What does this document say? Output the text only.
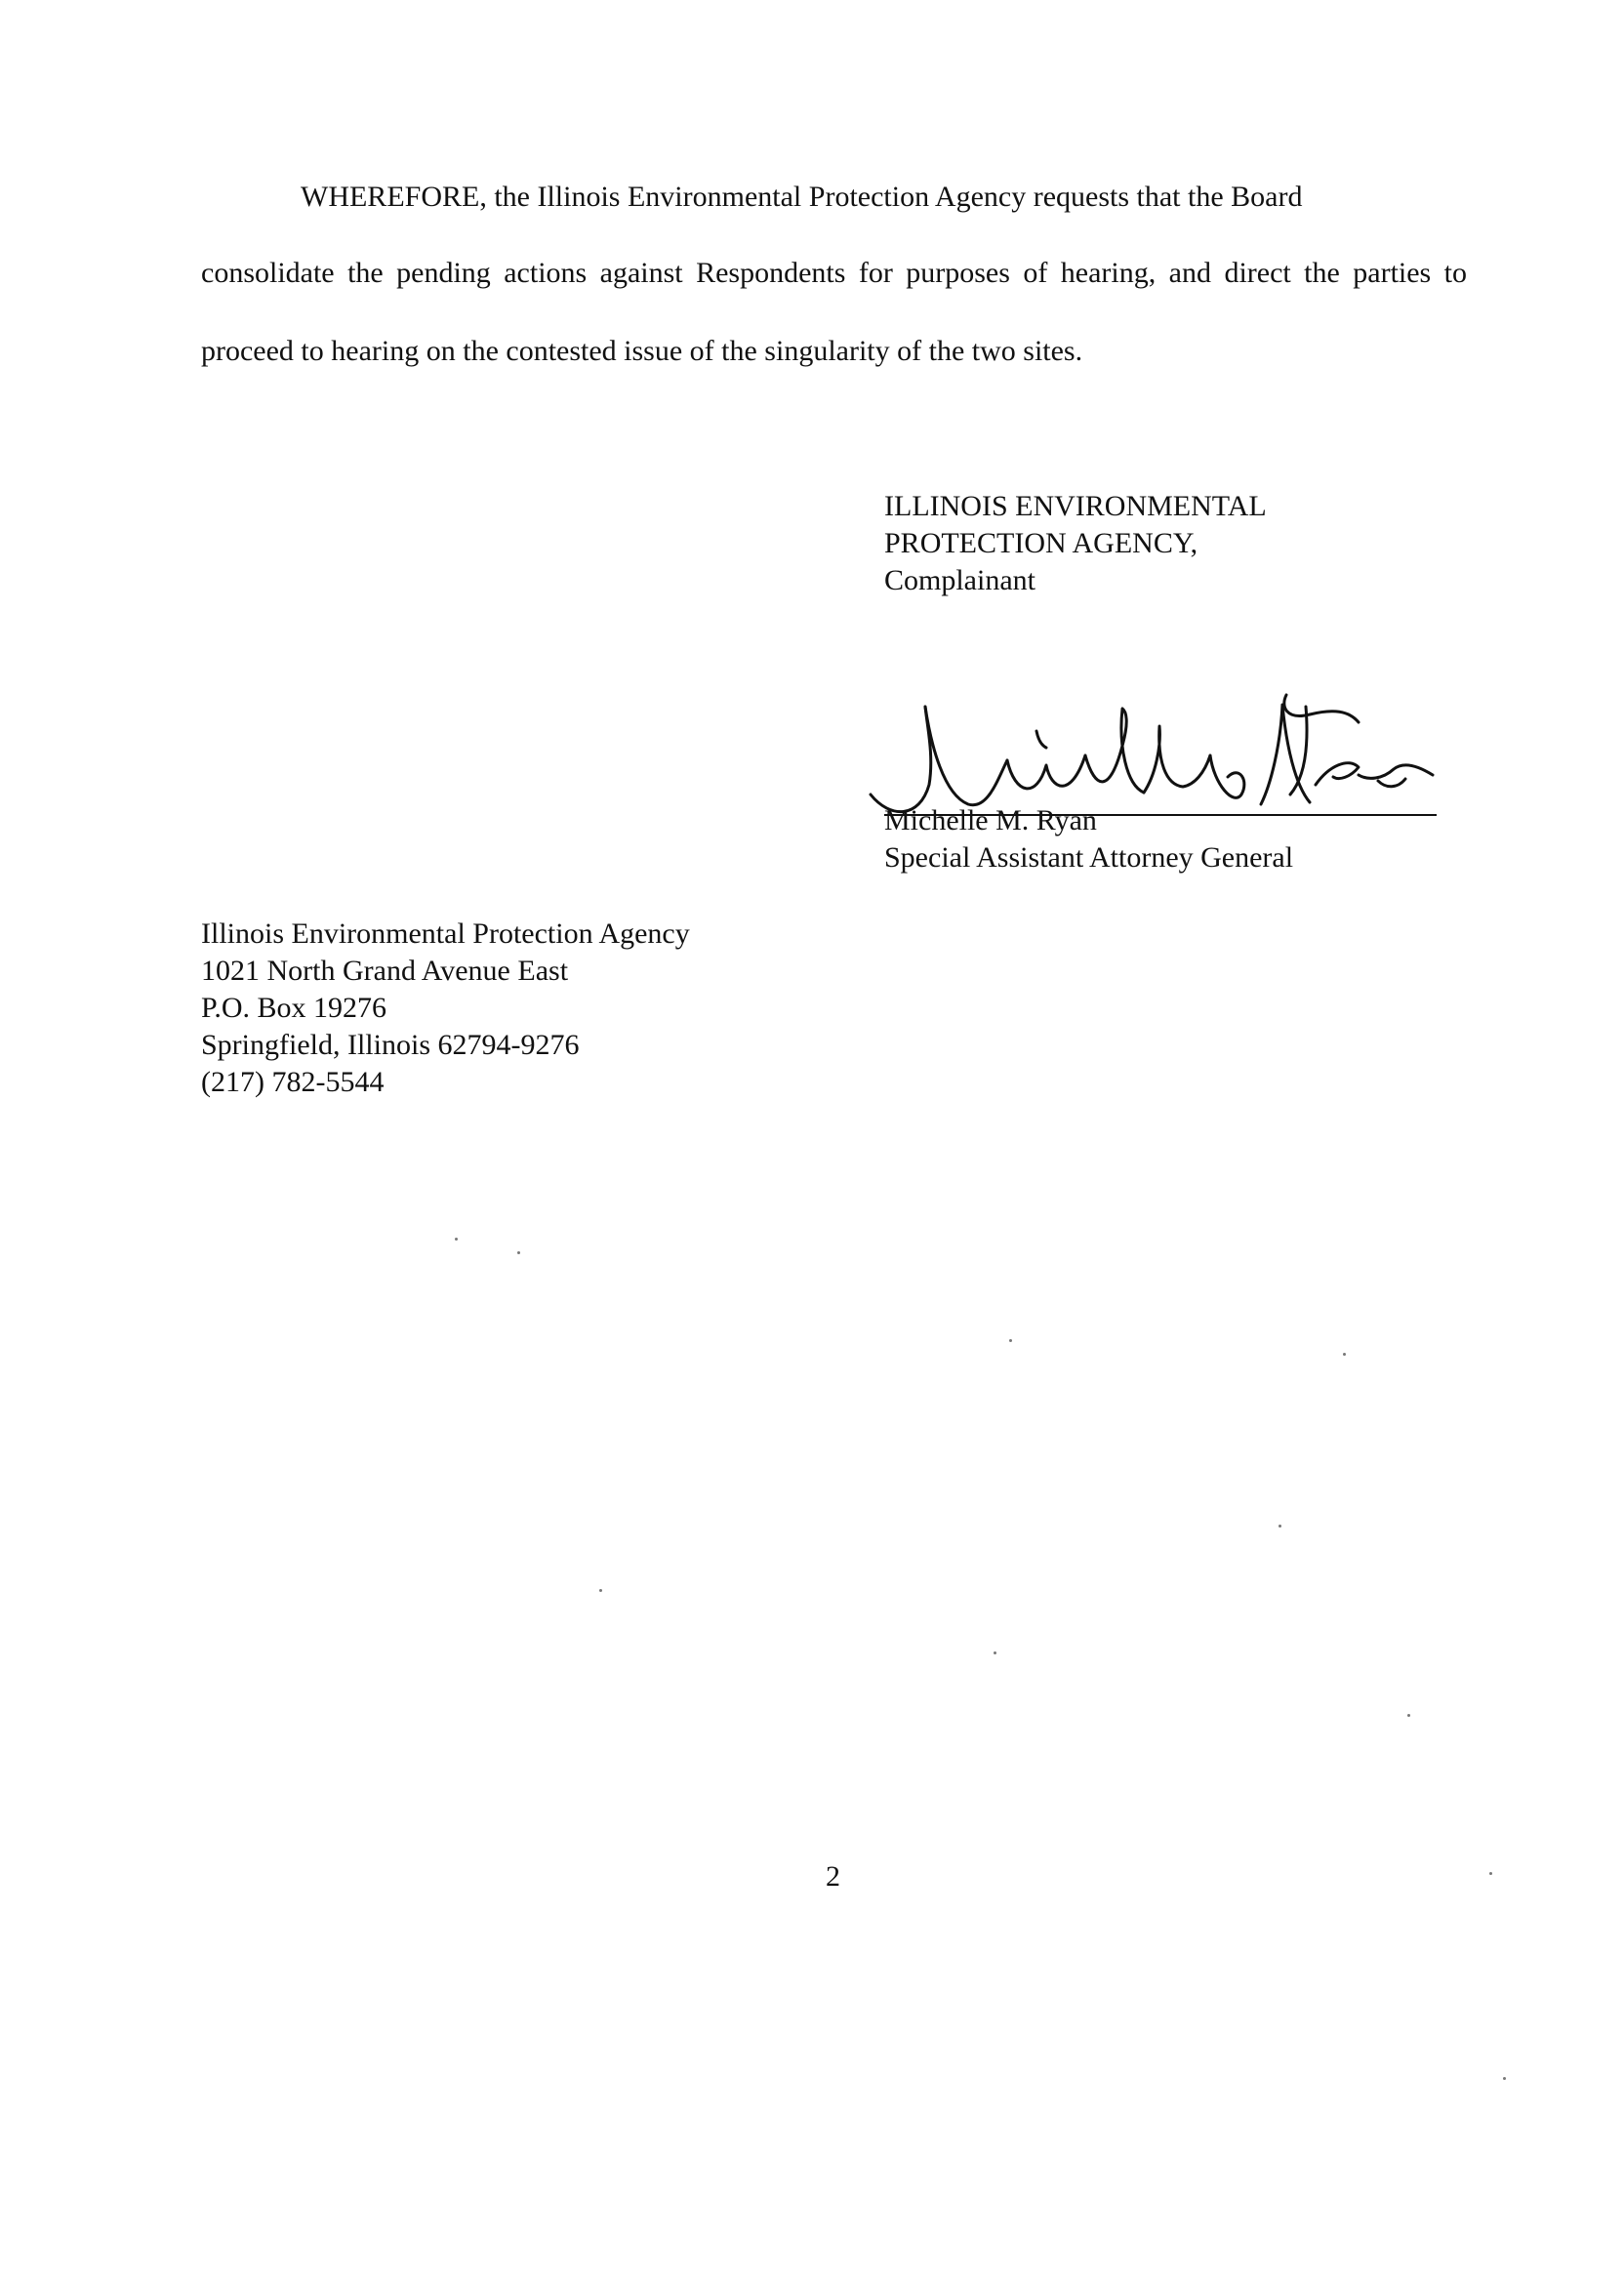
WHEREFORE, the Illinois Environmental Protection Agency requests that the Board
consolidate the pending actions against Respondents for purposes of hearing, and direct the parties to
proceed to hearing on the contested issue of the singularity of the two sites.
ILLINOIS ENVIRONMENTAL
PROTECTION AGENCY,
Complainant
Michelle M. Ryan
Special Assistant Attorney General
Illinois Environmental Protection Agency
1021 North Grand Avenue East
P.O. Box 19276
Springfield, Illinois 62794-9276
(217) 782-5544
2
